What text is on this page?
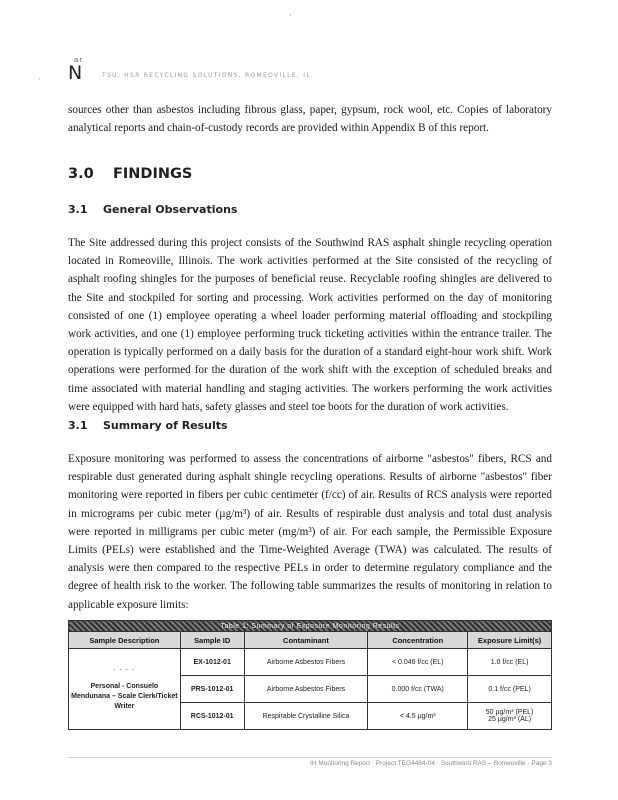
·
·
ar
N	TSU, HSR RECYCLING SOLUTIONS, ROMEOVILLE, IL

sources other than asbestos including fibrous glass, paper, gypsum, rock wool, etc. Copies of laboratory analytical reports and chain-of-custody records are provided within Appendix B of this report.

3.0 FINDINGS
3.1 General Observations

The Site addressed during this project consists of the Southwind RAS asphalt shingle recycling operation located in Romeoville, Illinois. The work activities performed at the Site consisted of the recycling of asphalt roofing shingles for the purposes of beneficial reuse. Recyclable roofing shingles are delivered to the Site and stockpiled for sorting and processing. Work activities performed on the day of monitoring consisted of one (1) employee operating a wheel loader performing material offloading and stockpiling work activities, and one (1) employee performing truck ticketing activities within the entrance trailer. The operation is typically performed on a daily basis for the duration of a standard eight-hour work shift. Work operations were performed for the duration of the work shift with the exception of scheduled breaks and time associated with material handling and staging activities. The workers performing the work activities were equipped with hard hats, safety glasses and steel toe boots for the duration of work activities.

3.1 Summary of Results

Exposure monitoring was performed to assess the concentrations of airborne "asbestos" fibers, RCS and respirable dust generated during asphalt shingle recycling operations. Results of airborne "asbestos" fiber monitoring were reported in fibers per cubic centimeter (f/cc) of air. Results of RCS analysis were reported in micrograms per cubic meter (µg/m³) of air. Results of respirable dust analysis and total dust analysis were reported in milligrams per cubic meter (mg/m³) of air. For each sample, the Permissible Exposure Limits (PELs) were established and the Time-Weighted Average (TWA) was calculated. The results of analysis were then compared to the respective PELs in order to determine regulatory compliance and the degree of health risk to the worker. The following table summarizes the results of monitoring in relation to applicable exposure limits:

Table 1: Summary of Exposure Monitoring Results				
Sample Description	Sample ID	Contaminant	Concentration	Exposure Limit(s)

· · · ·
Personal - Consuelo Mendunana – Scale Clerk/Ticket Writer	EX-1012-01	Airborne Asbestos Fibers	< 0.046 f/cc (EL)	1.0 f/cc (EL)
	PRS-1012-01	Airborne Asbestos Fibers	0.000 f/cc (TWA)	0.1 f/cc (PEL)
	RCS-1012-01	Respirable Crystalline Silica	< 4.5 µg/m³	50 µg/m³ (PEL)
25 µg/m³ (AL)
IH Monitoring Report · Project TEG4484-04 · Southwind RAS – Romeoville · Page 3
